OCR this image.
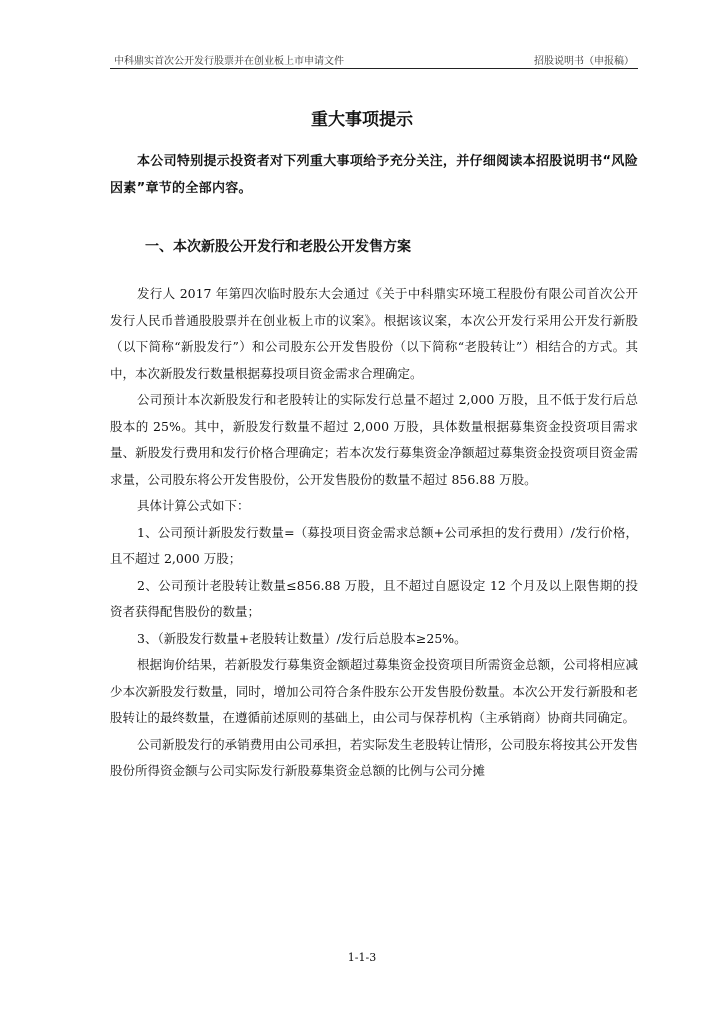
中科鼎实首次公开发行股票并在创业板上市申请文件	招股说明书（申报稿）
重大事项提示

本公司特别提示投资者对下列重大事项给予充分关注，并仔细阅读本招股说明书“风险因素”章节的全部内容。

一、本次新股公开发行和老股公开发售方案

发行人 2017 年第四次临时股东大会通过《关于中科鼎实环境工程股份有限公司首次公开发行人民币普通股股票并在创业板上市的议案》。根据该议案，本次公开发行采用公开发行新股（以下简称“新股发行”）和公司股东公开发售股份（以下简称“老股转让”）相结合的方式。其中，本次新股发行数量根据募投项目资金需求合理确定。

公司预计本次新股发行和老股转让的实际发行总量不超过 2,000 万股，且不低于发行后总股本的 25%。其中，新股发行数量不超过 2,000 万股，具体数量根据募集资金投资项目需求量、新股发行费用和发行价格合理确定；若本次发行募集资金净额超过募集资金投资项目资金需求量，公司股东将公开发售股份，公开发售股份的数量不超过 856.88 万股。

具体计算公式如下：

1、公司预计新股发行数量=（募投项目资金需求总额+公司承担的发行费用）/发行价格，且不超过 2,000 万股；

2、公司预计老股转让数量≤856.88 万股，且不超过自愿设定 12 个月及以上限售期的投资者获得配售股份的数量；

3、（新股发行数量+老股转让数量）/发行后总股本≥25%。

根据询价结果，若新股发行募集资金额超过募集资金投资项目所需资金总额，公司将相应减少本次新股发行数量，同时，增加公司符合条件股东公开发售股份数量。本次公开发行新股和老股转让的最终数量，在遵循前述原则的基础上，由公司与保荐机构（主承销商）协商共同确定。

公司新股发行的承销费用由公司承担，若实际发生老股转让情形，公司股东将按其公开发售股份所得资金额与公司实际发行新股募集资金总额的比例与公司分摊

1-1-3
